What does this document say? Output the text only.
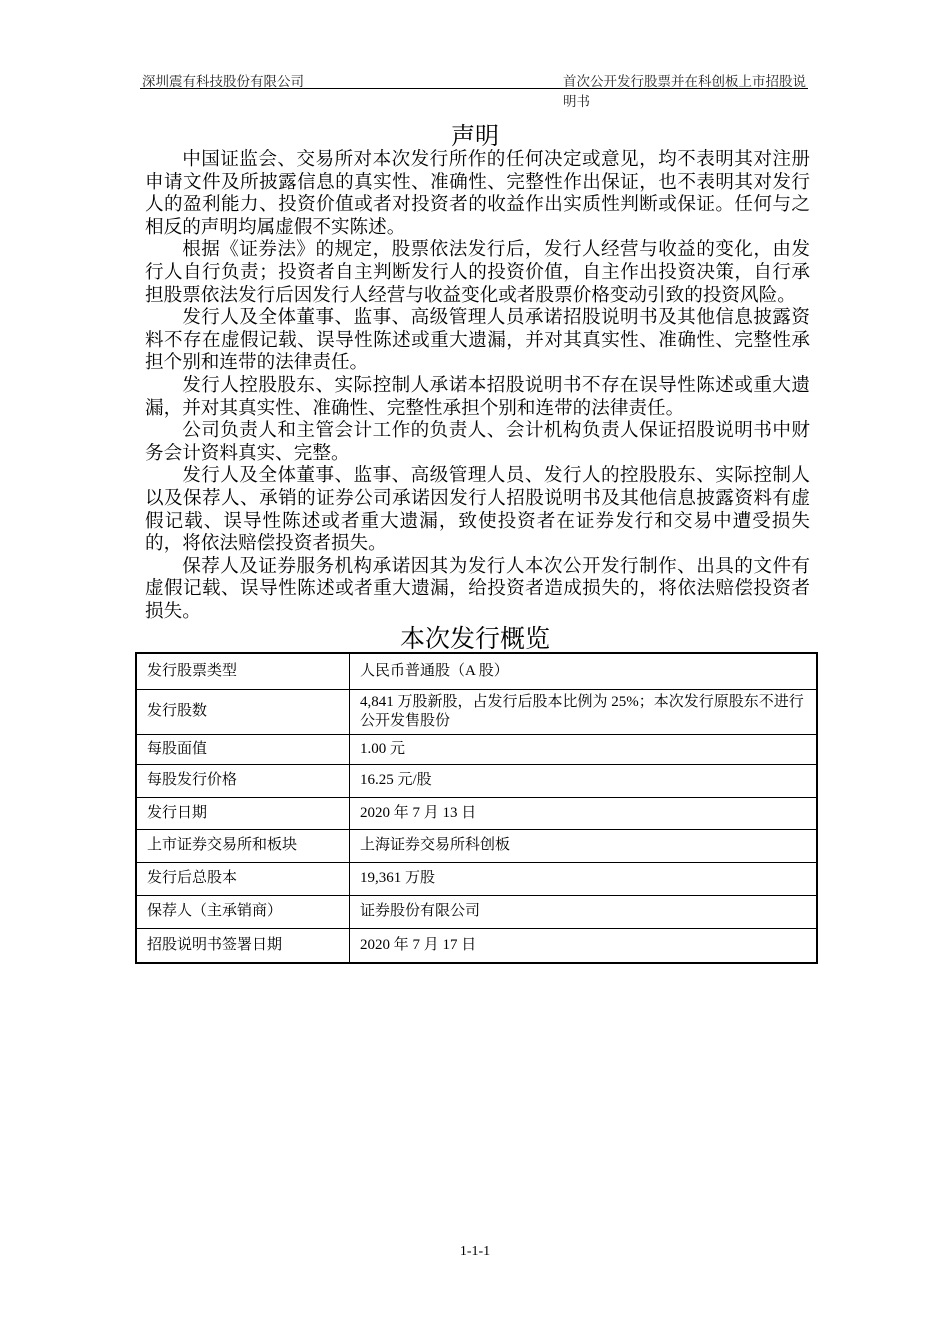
深圳震有科技股份有限公司	首次公开发行股票并在科创板上市招股说明书
声明

中国证监会、交易所对本次发行所作的任何决定或意见，均不表明其对注册申请文件及所披露信息的真实性、准确性、完整性作出保证，也不表明其对发行人的盈利能力、投资价值或者对投资者的收益作出实质性判断或保证。任何与之相反的声明均属虚假不实陈述。

根据《证券法》的规定，股票依法发行后，发行人经营与收益的变化，由发行人自行负责；投资者自主判断发行人的投资价值，自主作出投资决策，自行承担股票依法发行后因发行人经营与收益变化或者股票价格变动引致的投资风险。

发行人及全体董事、监事、高级管理人员承诺招股说明书及其他信息披露资料不存在虚假记载、误导性陈述或重大遗漏，并对其真实性、准确性、完整性承担个别和连带的法律责任。

发行人控股股东、实际控制人承诺本招股说明书不存在误导性陈述或重大遗漏，并对其真实性、准确性、完整性承担个别和连带的法律责任。

公司负责人和主管会计工作的负责人、会计机构负责人保证招股说明书中财务会计资料真实、完整。

发行人及全体董事、监事、高级管理人员、发行人的控股股东、实际控制人以及保荐人、承销的证券公司承诺因发行人招股说明书及其他信息披露资料有虚假记载、误导性陈述或者重大遗漏，致使投资者在证券发行和交易中遭受损失的，将依法赔偿投资者损失。

保荐人及证券服务机构承诺因其为发行人本次公开发行制作、出具的文件有虚假记载、误导性陈述或者重大遗漏，给投资者造成损失的，将依法赔偿投资者损失。

本次发行概览
发行股票类型	人民币普通股（A 股）
发行股数	4,841 万股新股，占发行后股本比例为 25%；本次发行原股东不进行公开发售股份
每股面值	1.00 元
每股发行价格	16.25 元/股
发行日期	2020 年 7 月 13 日
上市证券交易所和板块	上海证券交易所科创板
发行后总股本	19,361 万股
保荐人（主承销商）	证券股份有限公司
招股说明书签署日期	2020 年 7 月 17 日
1-1-1
